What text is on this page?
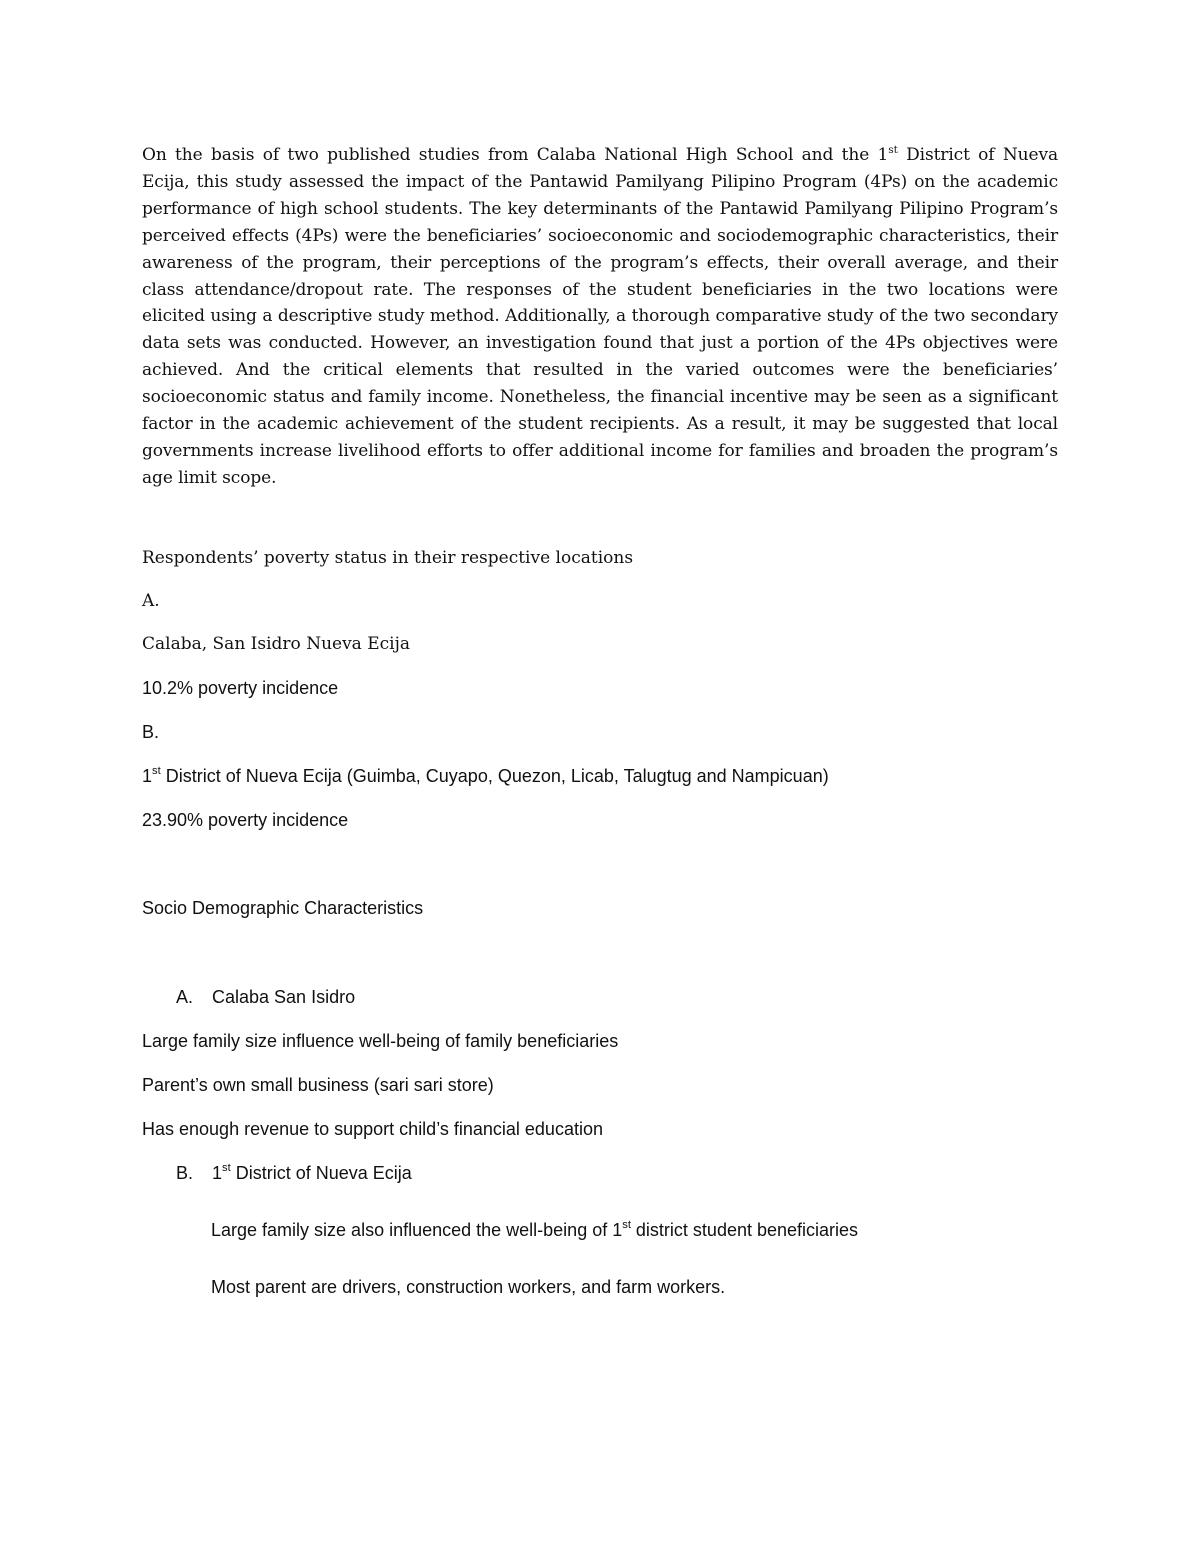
On the basis of two published studies from Calaba National High School and the 1st District of Nueva Ecija, this study assessed the impact of the Pantawid Pamilyang Pilipino Program (4Ps) on the academic performance of high school students. The key determinants of the Pantawid Pamilyang Pilipino Program’s perceived effects (4Ps) were the beneficiaries’ socioeconomic and sociodemographic characteristics, their awareness of the program, their perceptions of the program’s effects, their overall average, and their class attendance/dropout rate. The responses of the student beneficiaries in the two locations were elicited using a descriptive study method. Additionally, a thorough comparative study of the two secondary data sets was conducted. However, an investigation found that just a portion of the 4Ps objectives were achieved. And the critical elements that resulted in the varied outcomes were the beneficiaries’ socioeconomic status and family income. Nonetheless, the financial incentive may be seen as a significant factor in the academic achievement of the student recipients. As a result, it may be suggested that local governments increase livelihood efforts to offer additional income for families and broaden the program’s age limit scope.

Respondents’ poverty status in their respective locations

A.

Calaba, San Isidro Nueva Ecija

10.2% poverty incidence

B.

1st District of Nueva Ecija (Guimba, Cuyapo, Quezon, Licab, Talugtug and Nampicuan)

23.90% poverty incidence

Socio Demographic Characteristics

A. Calaba San Isidro

Large family size influence well-being of family beneficiaries

Parent’s own small business (sari sari store)

Has enough revenue to support child’s financial education

B. 1st District of Nueva Ecija

Large family size also influenced the well-being of 1st district student beneficiaries

Most parent are drivers, construction workers, and farm workers.
